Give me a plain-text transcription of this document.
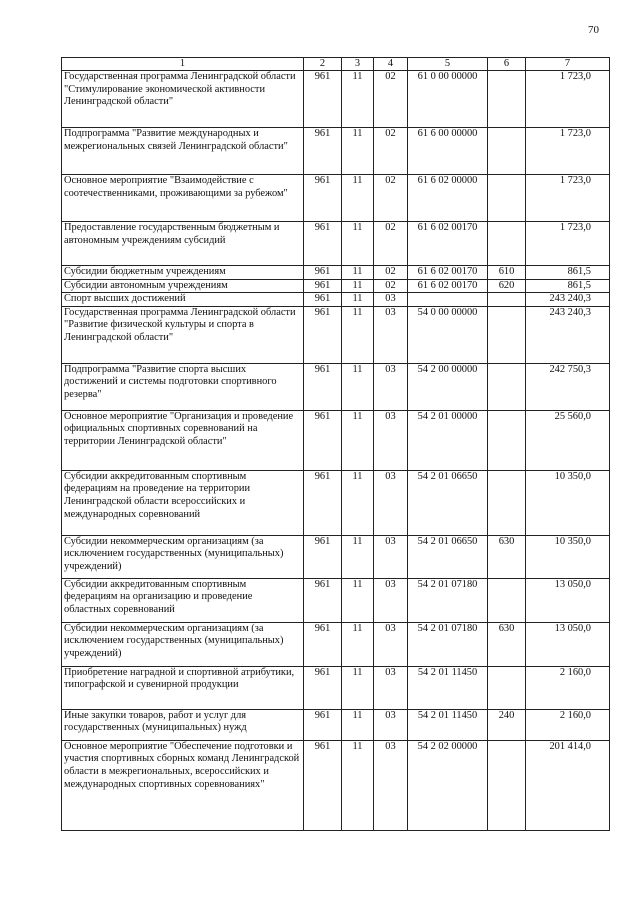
70
1	2	3	4	5	6	7
Государственная программа Ленинградской области "Стимулирование экономической активности Ленинградской области"	961	11	02	61 0 00 00000		1 723,0
Подпрограмма "Развитие международных и межрегиональных связей Ленинградской области"	961	11	02	61 6 00 00000		1 723,0
Основное мероприятие "Взаимодействие с соотечественниками, проживающими за рубежом"	961	11	02	61 6 02 00000		1 723,0
Предоставление государственным бюджетным и автономным учреждениям субсидий	961	11	02	61 6 02 00170		1 723,0
Субсидии бюджетным учреждениям	961	11	02	61 6 02 00170	610	861,5
Субсидии автономным учреждениям	961	11	02	61 6 02 00170	620	861,5
Спорт высших достижений	961	11	03			243 240,3
Государственная программа Ленинградской области "Развитие физической культуры и спорта в Ленинградской области"	961	11	03	54 0 00 00000		243 240,3
Подпрограмма "Развитие спорта высших достижений и системы подготовки спортивного резерва"	961	11	03	54 2 00 00000		242 750,3
Основное мероприятие "Организация и проведение официальных спортивных соревнований на территории Ленинградской области"	961	11	03	54 2 01 00000		25 560,0
Субсидии аккредитованным спортивным федерациям на проведение на территории Ленинградской области всероссийских и международных соревнований	961	11	03	54 2 01 06650		10 350,0
Субсидии некоммерческим организациям (за исключением государственных (муниципальных) учреждений)	961	11	03	54 2 01 06650	630	10 350,0
Субсидии аккредитованным спортивным федерациям на организацию и проведение областных соревнований	961	11	03	54 2 01 07180		13 050,0
Субсидии некоммерческим организациям (за исключением государственных (муниципальных) учреждений)	961	11	03	54 2 01 07180	630	13 050,0
Приобретение наградной и спортивной атрибутики, типографской и сувенирной продукции	961	11	03	54 2 01 11450		2 160,0
Иные закупки товаров, работ и услуг для государственных (муниципальных) нужд	961	11	03	54 2 01 11450	240	2 160,0
Основное мероприятие "Обеспечение подготовки и участия спортивных сборных команд Ленинградской области в межрегиональных, всероссийских и международных спортивных соревнованиях"	961	11	03	54 2 02 00000		201 414,0
